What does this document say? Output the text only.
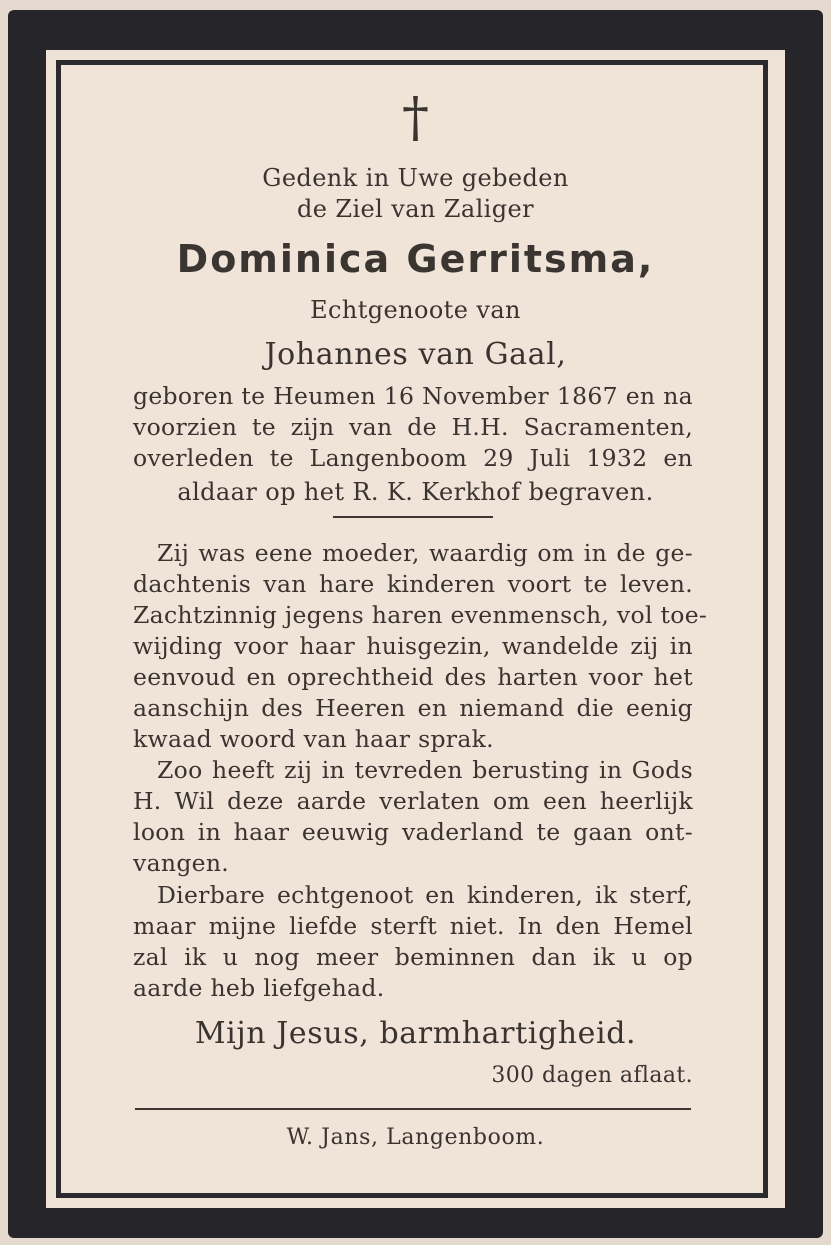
†
Gedenk in Uwe gebeden
de Ziel van Zaliger
Dominica Gerritsma,
Echtgenoote van
Johannes van Gaal,
geboren te Heumen 16 November 1867 en na
voorzien te zijn van de H.H. Sacramenten,
overleden te Langenboom 29 Juli 1932 en
aldaar op het R. K. Kerkhof begraven.
Zij was eene moeder, waardig om in de ge-
dachtenis van hare kinderen voort te leven.
Zachtzinnig jegens haren evenmensch, vol toe-
wijding voor haar huisgezin, wandelde zij in
eenvoud en oprechtheid des harten voor het
aanschijn des Heeren en niemand die eenig
kwaad woord van haar sprak.
Zoo heeft zij in tevreden berusting in Gods
H. Wil deze aarde verlaten om een heerlijk
loon in haar eeuwig vaderland te gaan ont-
vangen.
Dierbare echtgenoot en kinderen, ik sterf,
maar mijne liefde sterft niet. In den Hemel
zal ik u nog meer beminnen dan ik u op
aarde heb liefgehad.
Mijn Jesus, barmhartigheid.
300 dagen aflaat.
W. Jans, Langenboom.
